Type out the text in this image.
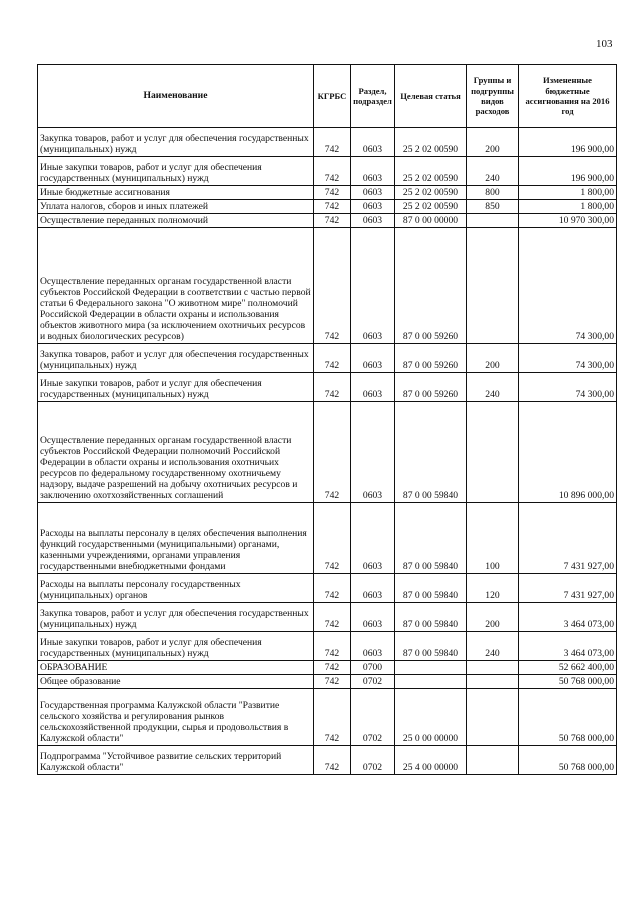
103
Наименование	КГРБС	Раздел, подраздел	Целевая статья	Группы и подгруппы видов расходов	Измененные бюджетные ассигнования на 2016 год
Закупка товаров, работ и услуг для обеспечения государственных (муниципальных) нужд	742	0603	25 2 02 00590	200	196 900,00
Иные закупки товаров, работ и услуг для обеспечения государственных (муниципальных) нужд	742	0603	25 2 02 00590	240	196 900,00
Иные бюджетные ассигнования	742	0603	25 2 02 00590	800	1 800,00
Уплата налогов, сборов и иных платежей	742	0603	25 2 02 00590	850	1 800,00
Осуществление переданных полномочий	742	0603	87 0 00 00000		10 970 300,00
Осуществление переданных органам государственной власти субъектов Российской Федерации в соответствии с частью первой статьи 6 Федерального закона "О животном мире" полномочий Российской Федерации в области охраны и использования объектов животного мира (за исключением охотничьих ресурсов и водных биологических ресурсов)	742	0603	87 0 00 59260		74 300,00
Закупка товаров, работ и услуг для обеспечения государственных (муниципальных) нужд	742	0603	87 0 00 59260	200	74 300,00
Иные закупки товаров, работ и услуг для обеспечения государственных (муниципальных) нужд	742	0603	87 0 00 59260	240	74 300,00
Осуществление переданных органам государственной власти субъектов Российской Федерации полномочий Российской Федерации в области охраны и использования охотничьих ресурсов по федеральному государственному охотничьему надзору, выдаче разрешений на добычу охотничьих ресурсов и заключению охотхозяйственных соглашений	742	0603	87 0 00 59840		10 896 000,00
Расходы на выплаты персоналу в целях обеспечения выполнения функций государственными (муниципальными) органами, казенными учреждениями, органами управления государственными внебюджетными фондами	742	0603	87 0 00 59840	100	7 431 927,00
Расходы на выплаты персоналу государственных (муниципальных) органов	742	0603	87 0 00 59840	120	7 431 927,00
Закупка товаров, работ и услуг для обеспечения государственных (муниципальных) нужд	742	0603	87 0 00 59840	200	3 464 073,00
Иные закупки товаров, работ и услуг для обеспечения государственных (муниципальных) нужд	742	0603	87 0 00 59840	240	3 464 073,00
ОБРАЗОВАНИЕ	742	0700			52 662 400,00
Общее образование	742	0702			50 768 000,00
Государственная программа Калужской области "Развитие сельского хозяйства и регулирования рынков сельскохозяйственной продукции, сырья и продовольствия в Калужской области"	742	0702	25 0 00 00000		50 768 000,00
Подпрограмма "Устойчивое развитие сельских территорий Калужской области"	742	0702	25 4 00 00000		50 768 000,00
